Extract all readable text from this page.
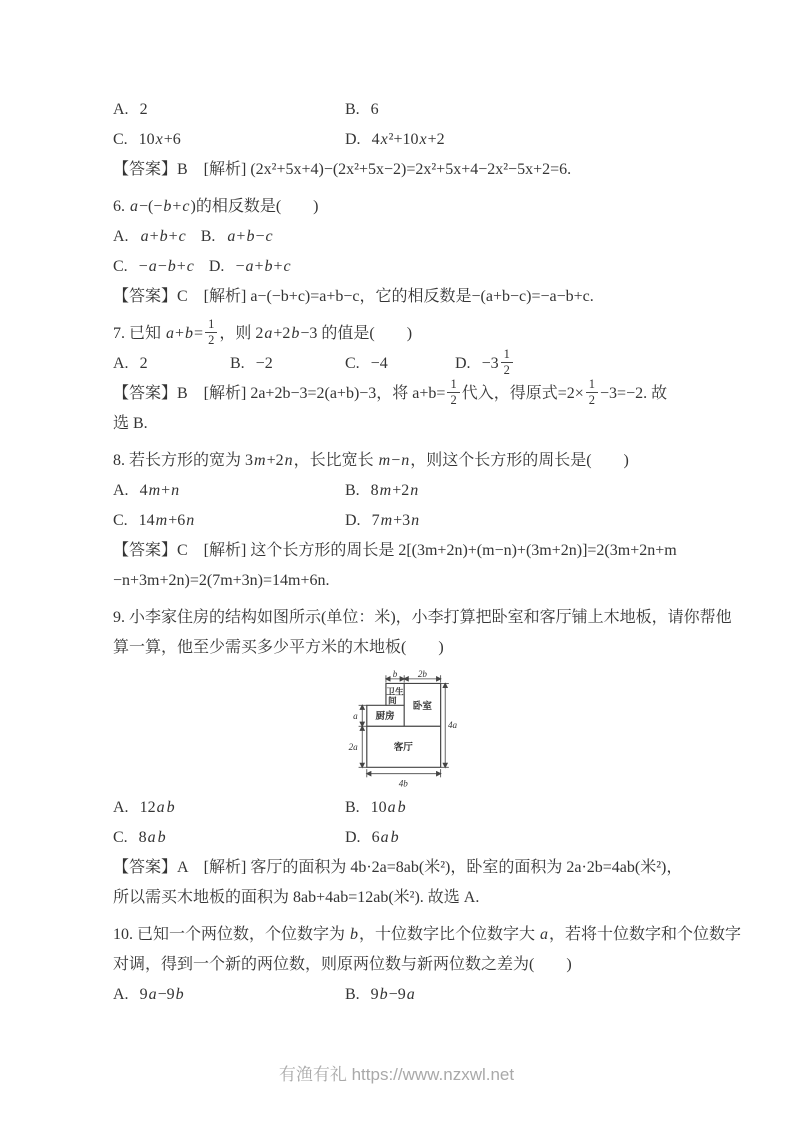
A. 2	B. 6
C. 10x+6	D. 4x²+10x+2
【答案】B　[解析] (2x²+5x+4)−(2x²+5x−2)=2x²+5x+4−2x²−5x+2=6.
6. a−(−b+c)的相反数是(　　)
A. a+b+c B. a+b−c
C. −a−b+c D. −a+b+c
【答案】C　[解析] a−(−b+c)=a+b−c，它的相反数是−(a+b−c)=−a−b+c.
7. 已知 $a+b= \frac{1}{2}$ ，则 2a+2b−3 的值是(　　)
A. 2	B. −2	C. −4	D. $-3 \frac{1}{2}$
【答案】B　[解析] 2a+2b−3=2(a+b)−3，将 $a+b= \frac{1}{2}$ 代入，得原式$=2\times \frac{1}{2} -3=-2$. 故
选 B.
8. 若长方形的宽为 3m+2n，长比宽长 m−n，则这个长方形的周长是(　　)
A. 4m+n	B. 8m+2n
C. 14m+6n	D. 7m+3n
【答案】C　[解析] 这个长方形的周长是 2[(3m+2n)+(m−n)+(3m+2n)]=2(3m+2n+m
−n+3m+2n)=2(7m+3n)=14m+6n.
9. 小李家住房的结构如图所示(单位：米)，小李打算把卧室和客厅铺上木地板，请你帮他
算一算，他至少需买多少平方米的木地板(　　)
b 2b
a
2a
4a
4b
卫生
间
卧室
厨房
客厅
A. 12a b	B. 10a b
C. 8a b	D. 6a b
【答案】A　[解析] 客厅的面积为 4b·2a=8ab(米²)，卧室的面积为 2a·2b=4ab(米²)，
所以需买木地板的面积为 8ab+4ab=12ab(米²). 故选 A.
10. 已知一个两位数，个位数字为 b，十位数字比个位数字大 a，若将十位数字和个位数字
对调，得到一个新的两位数，则原两位数与新两位数之差为(　　)
A. 9a−9b	B. 9b−9a
有渔有礼 https://www.nzxwl.net
